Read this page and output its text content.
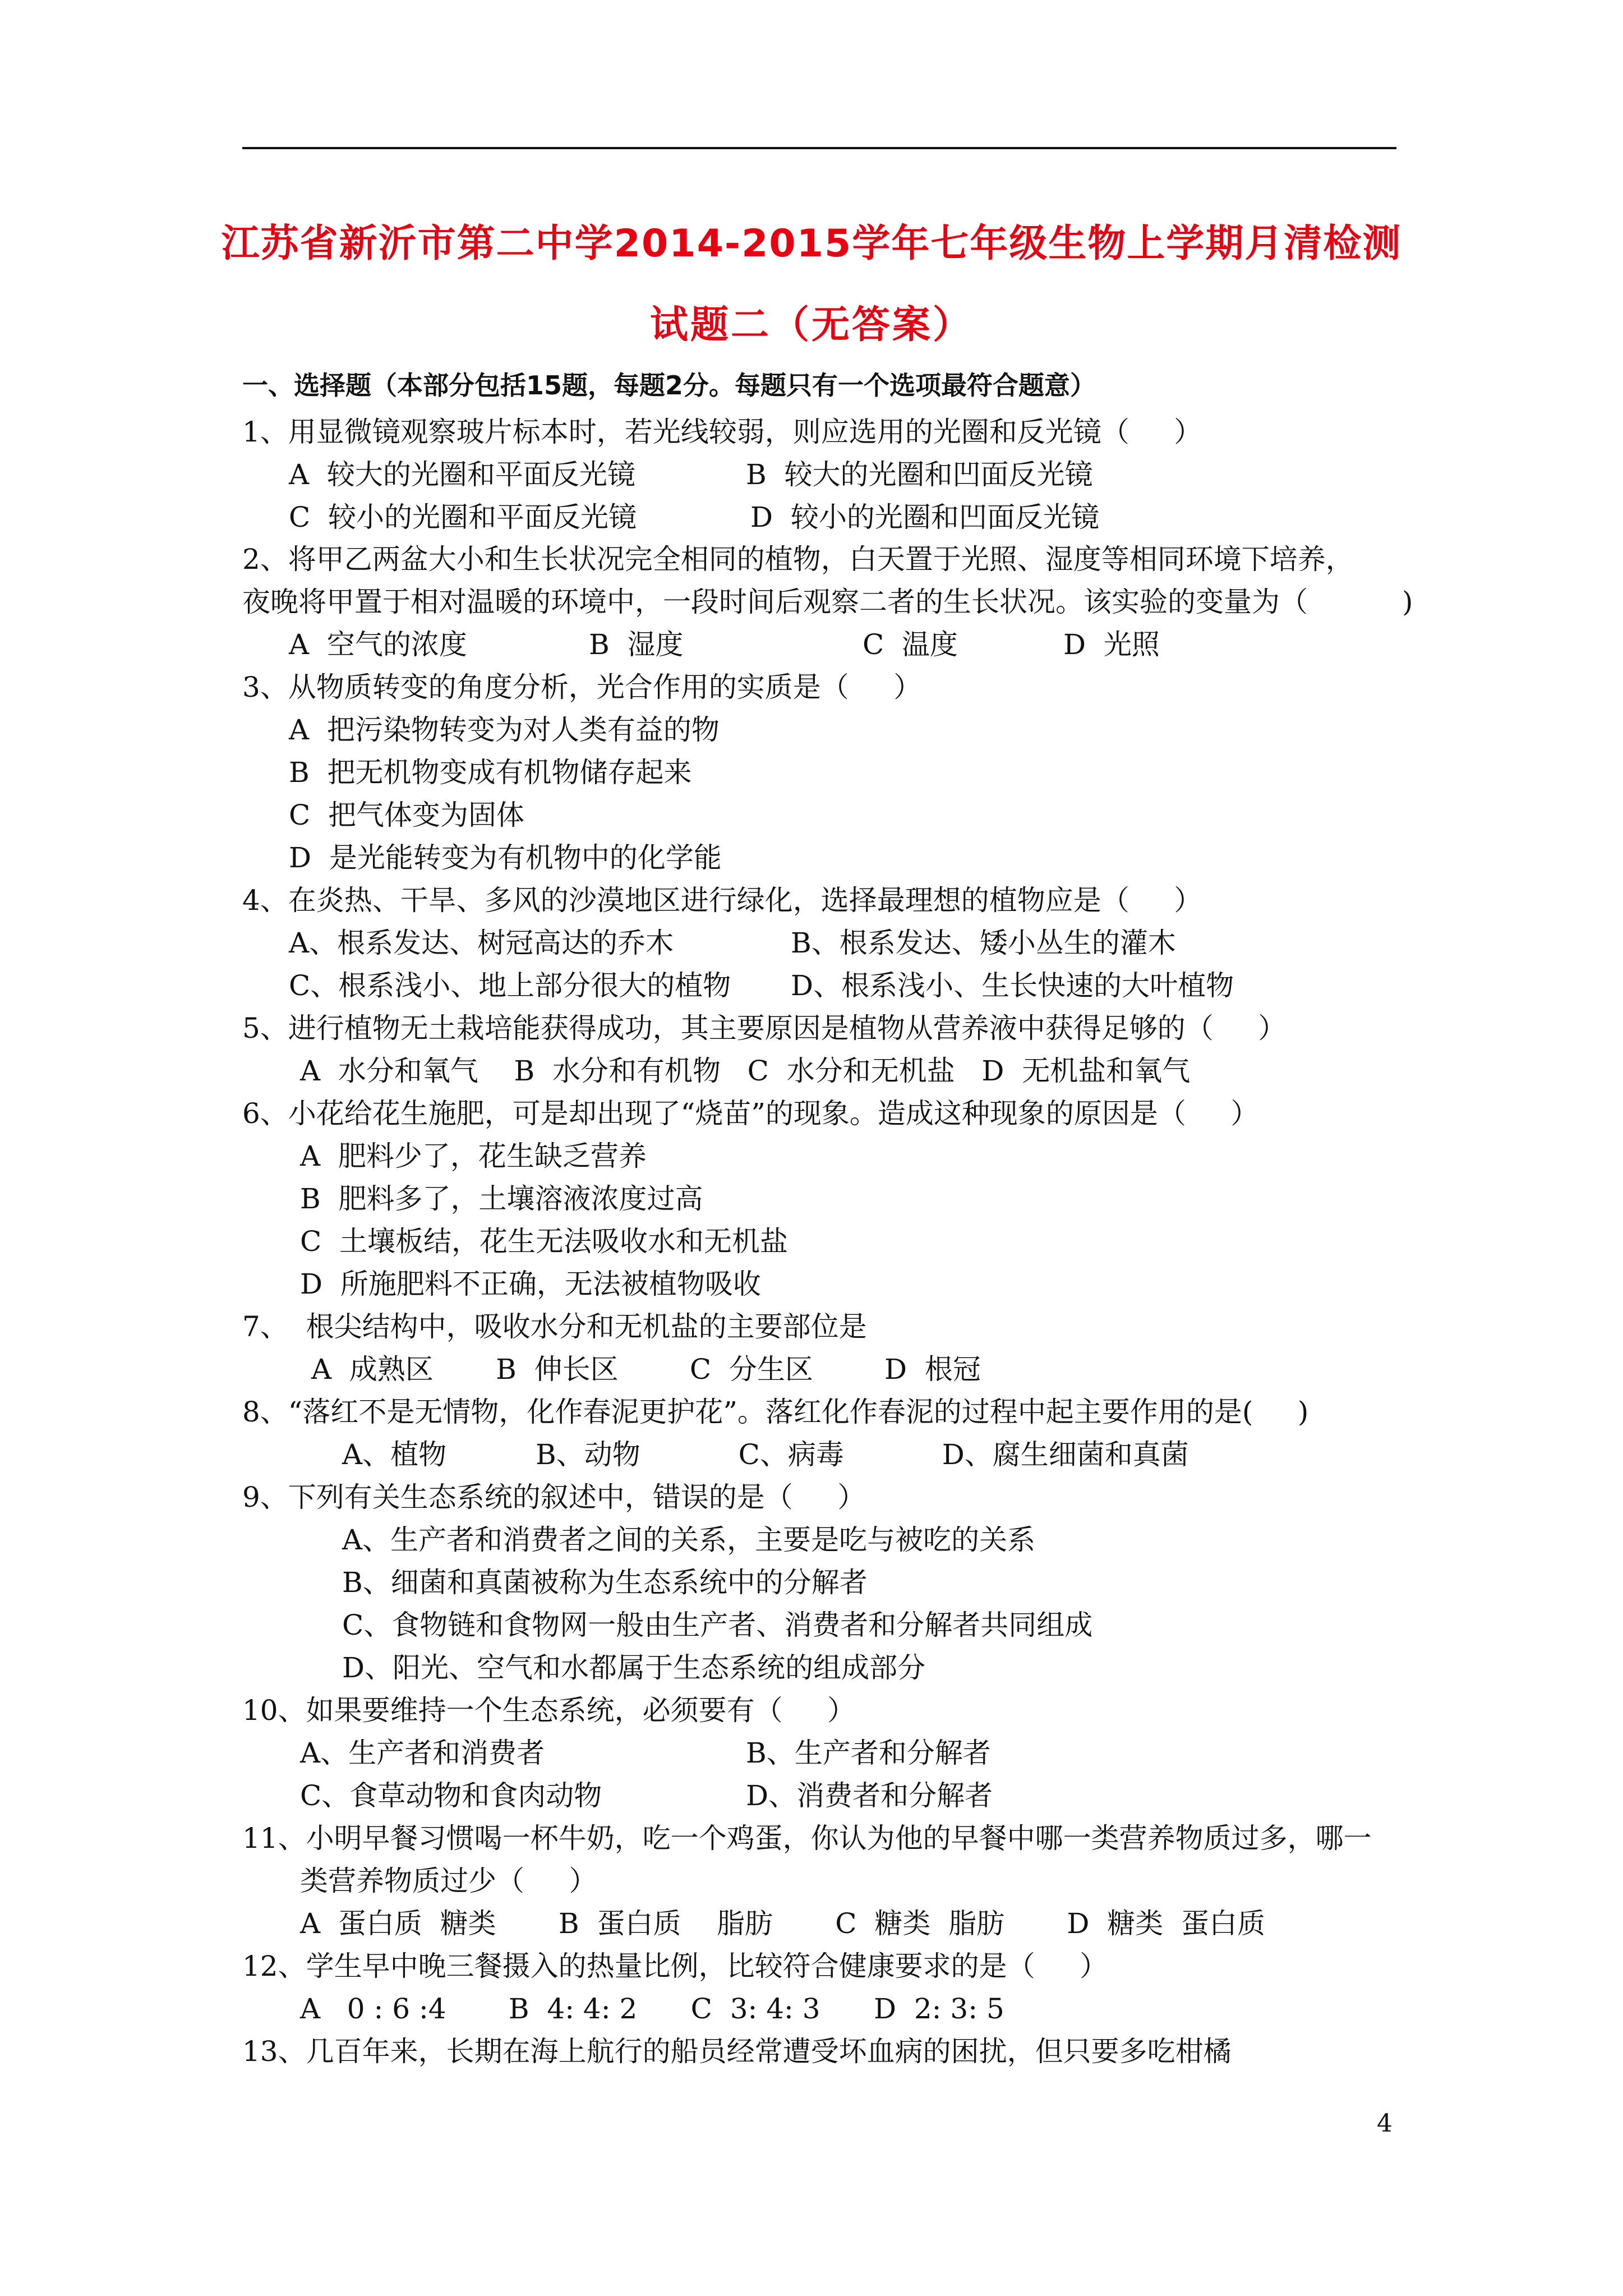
江苏省新沂市第二中学2014-2015学年七年级生物上学期月清检测
试题二（无答案）
一、选择题（本部分包括15题，每题2分。每题只有一个选项最符合题意）
1、用显微镜观察玻片标本时，若光线较弱，则应选用的光圈和反光镜（     ）
A  较大的光圈和平面反光镜	B  较大的光圈和凹面反光镜
C  较小的光圈和平面反光镜	D  较小的光圈和凹面反光镜
2、将甲乙两盆大小和生长状况完全相同的植物，白天置于光照、湿度等相同环境下培养，
夜晚将甲置于相对温暖的环境中，一段时间后观察二者的生长状况。该实验的变量为（	)
A  空气的浓度	B  湿度	C  温度	D  光照
3、从物质转变的角度分析，光合作用的实质是（     ）
A  把污染物转变为对人类有益的物
B  把无机物变成有机物储存起来
C  把气体变为固体
D  是光能转变为有机物中的化学能
4、在炎热、干旱、多风的沙漠地区进行绿化，选择最理想的植物应是（     ）
A、根系发达、树冠高达的乔木	B、根系发达、矮小丛生的灌木
C、根系浅小、地上部分很大的植物 D、根系浅小、生长快速的大叶植物
5、进行植物无土栽培能获得成功，其主要原因是植物从营养液中获得足够的（     ）
A  水分和氧气    B  水分和有机物   C  水分和无机盐   D  无机盐和氧气
6、小花给花生施肥，可是却出现了“烧苗”的现象。造成这种现象的原因是（     ）
A  肥料少了，花生缺乏营养
B  肥料多了，土壤溶液浓度过高
C  土壤板结，花生无法吸收水和无机盐
D  所施肥料不正确，无法被植物吸收
7、  根尖结构中，吸收水分和无机盐的主要部位是
A  成熟区       B  伸长区        C  分生区        D  根冠
8、“落红不是无情物，化作春泥更护花”。落红化作春泥的过程中起主要作用的是(     )
A、植物          B、动物           C、病毒           D、腐生细菌和真菌
9、下列有关生态系统的叙述中，错误的是（     ）
A、生产者和消费者之间的关系，主要是吃与被吃的关系
B、细菌和真菌被称为生态系统中的分解者
C、食物链和食物网一般由生产者、消费者和分解者共同组成
D、阳光、空气和水都属于生态系统的组成部分
10、如果要维持一个生态系统，必须要有（     ）
A、生产者和消费者	B、生产者和分解者
C、食草动物和食肉动物	D、消费者和分解者
11、小明早餐习惯喝一杯牛奶，吃一个鸡蛋，你认为他的早餐中哪一类营养物质过多，哪一
类营养物质过少（     ）
A  蛋白质  糖类       B  蛋白质    脂肪       C  糖类  脂肪       D  糖类  蛋白质
12、学生早中晚三餐摄入的热量比例，比较符合健康要求的是（     ）
A   0 : 6 :4       B  4: 4: 2      C  3: 4: 3      D  2: 3: 5
13、几百年来，长期在海上航行的船员经常遭受坏血病的困扰，但只要多吃柑橘
4
